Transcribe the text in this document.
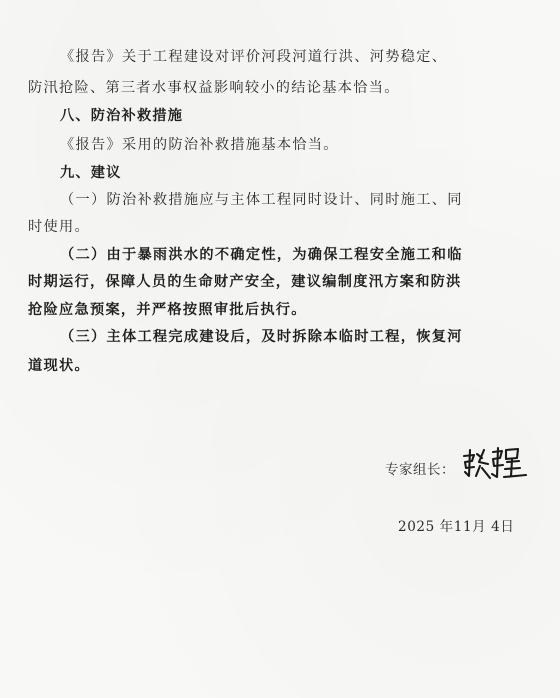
《报告》关于工程建设对评价河段河道行洪、河势稳定、
防汛抢险、第三者水事权益影响较小的结论基本恰当。
八、防治补救措施
《报告》采用的防治补救措施基本恰当。
九、建议
（一）防治补救措施应与主体工程同时设计、同时施工、同
时使用。
（二）由于暴雨洪水的不确定性，为确保工程安全施工和临
时期运行，保障人员的生命财产安全，建议编制度汛方案和防洪
抢险应急预案，并严格按照审批后执行。
（三）主体工程完成建设后，及时拆除本临时工程，恢复河
道现状。
专家组长：
2025 年11月 4日
